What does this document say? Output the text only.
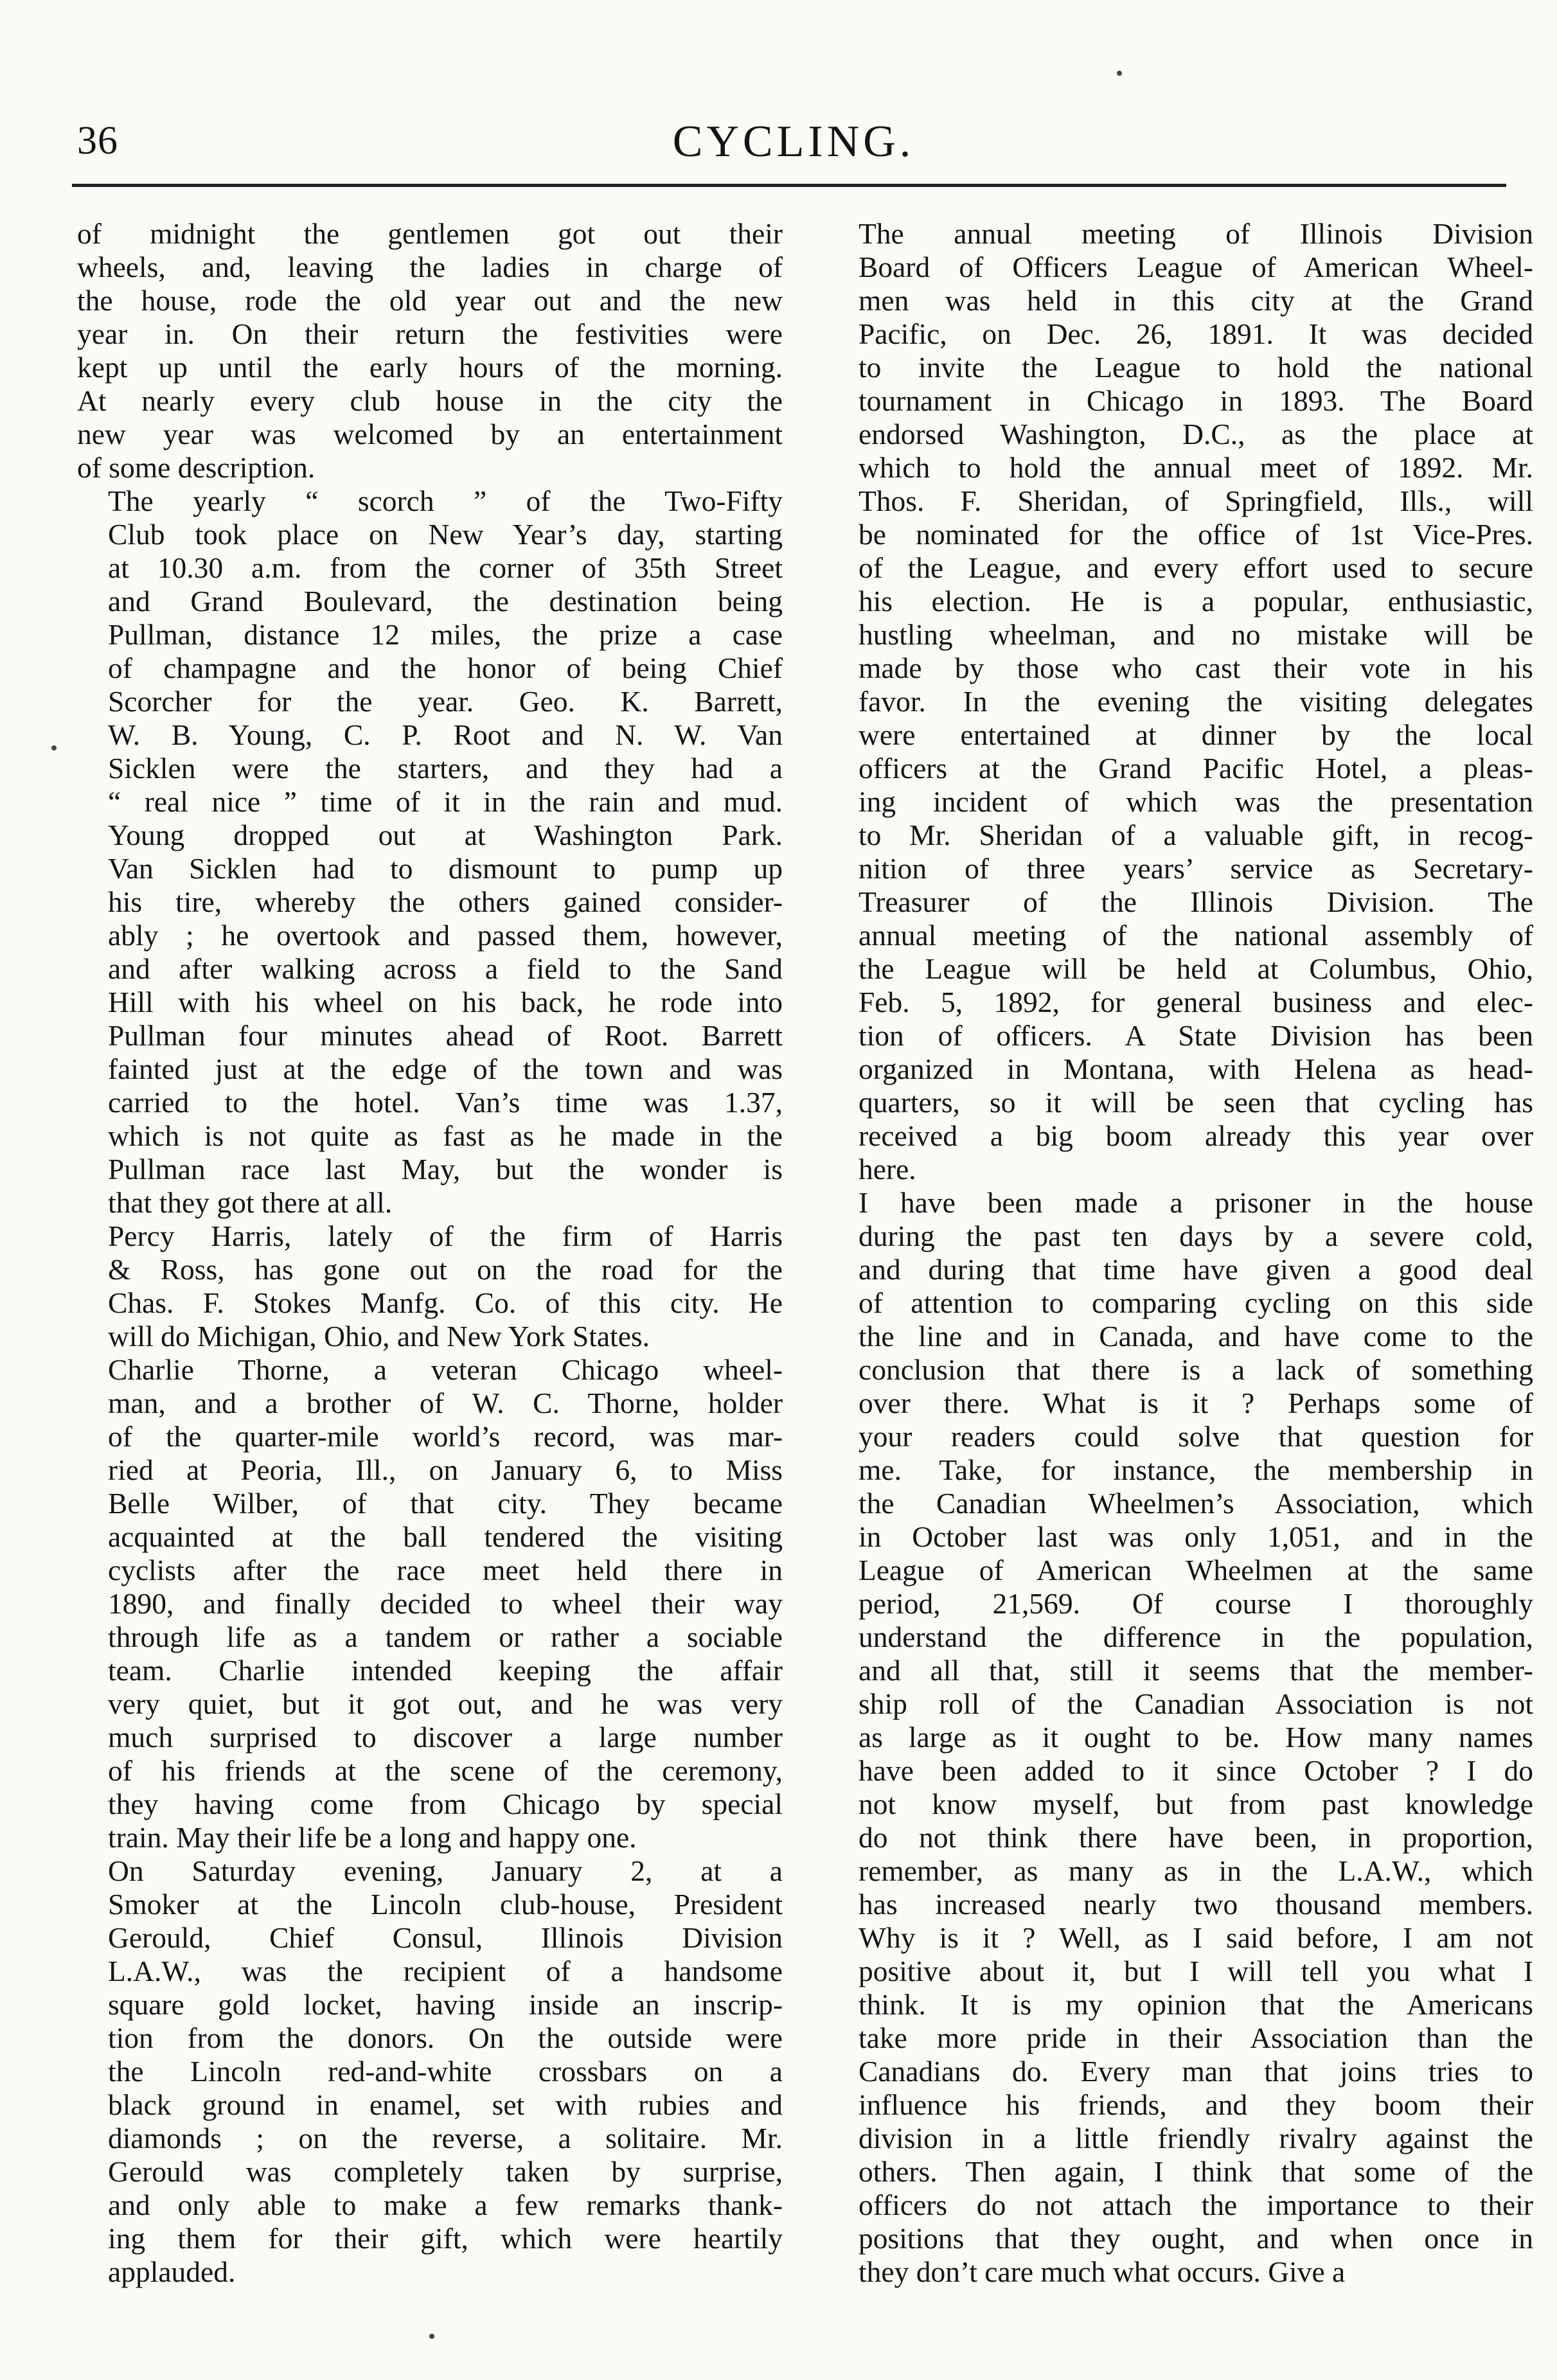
36	CYCLING.

of midnight the gentlemen got out their
wheels, and, leaving the ladies in charge of
the house, rode the old year out and the new
year in. On their return the festivities were
kept up until the early hours of the morning.
At nearly every club house in the city the
new year was welcomed by an entertainment
of some description.

The yearly “ scorch ” of the Two-Fifty
Club took place on New Year’s day, starting
at 10.30 a.m. from the corner of 35th Street
and Grand Boulevard, the destination being
Pullman, distance 12 miles, the prize a case
of champagne and the honor of being Chief
Scorcher for the year. Geo. K. Barrett,
W. B. Young, C. P. Root and N. W. Van
Sicklen were the starters, and they had a
“ real nice ” time of it in the rain and mud.
Young dropped out at Washington Park.
Van Sicklen had to dismount to pump up
his tire, whereby the others gained consider-
ably ; he overtook and passed them, however,
and after walking across a field to the Sand
Hill with his wheel on his back, he rode into
Pullman four minutes ahead of Root. Barrett
fainted just at the edge of the town and was
carried to the hotel. Van’s time was 1.37,
which is not quite as fast as he made in the
Pullman race last May, but the wonder is
that they got there at all.

Percy Harris, lately of the firm of Harris
& Ross, has gone out on the road for the
Chas. F. Stokes Manfg. Co. of this city. He
will do Michigan, Ohio, and New York States.

Charlie Thorne, a veteran Chicago wheel-
man, and a brother of W. C. Thorne, holder
of the quarter-mile world’s record, was mar-
ried at Peoria, Ill., on January 6, to Miss
Belle Wilber, of that city. They became
acquainted at the ball tendered the visiting
cyclists after the race meet held there in
1890, and finally decided to wheel their way
through life as a tandem or rather a sociable
team. Charlie intended keeping the affair
very quiet, but it got out, and he was very
much surprised to discover a large number
of his friends at the scene of the ceremony,
they having come from Chicago by special
train. May their life be a long and happy one.

On Saturday evening, January 2, at a
Smoker at the Lincoln club-house, President
Gerould, Chief Consul, Illinois Division
L.A.W., was the recipient of a handsome
square gold locket, having inside an inscrip-
tion from the donors. On the outside were
the Lincoln red-and-white crossbars on a
black ground in enamel, set with rubies and
diamonds ; on the reverse, a solitaire. Mr.
Gerould was completely taken by surprise,
and only able to make a few remarks thank-
ing them for their gift, which were heartily
applauded.

The annual meeting of Illinois Division
Board of Officers League of American Wheel-
men was held in this city at the Grand
Pacific, on Dec. 26, 1891. It was decided
to invite the League to hold the national
tournament in Chicago in 1893. The Board
endorsed Washington, D.C., as the place at
which to hold the annual meet of 1892. Mr.
Thos. F. Sheridan, of Springfield, Ills., will
be nominated for the office of 1st Vice-Pres.
of the League, and every effort used to secure
his election. He is a popular, enthusiastic,
hustling wheelman, and no mistake will be
made by those who cast their vote in his
favor. In the evening the visiting delegates
were entertained at dinner by the local
officers at the Grand Pacific Hotel, a pleas-
ing incident of which was the presentation
to Mr. Sheridan of a valuable gift, in recog-
nition of three years’ service as Secretary-
Treasurer of the Illinois Division. The
annual meeting of the national assembly of
the League will be held at Columbus, Ohio,
Feb. 5, 1892, for general business and elec-
tion of officers. A State Division has been
organized in Montana, with Helena as head-
quarters, so it will be seen that cycling has
received a big boom already this year over
here.

I have been made a prisoner in the house
during the past ten days by a severe cold,
and during that time have given a good deal
of attention to comparing cycling on this side
the line and in Canada, and have come to the
conclusion that there is a lack of something
over there. What is it ? Perhaps some of
your readers could solve that question for
me. Take, for instance, the membership in
the Canadian Wheelmen’s Association, which
in October last was only 1,051, and in the
League of American Wheelmen at the same
period, 21,569. Of course I thoroughly
understand the difference in the population,
and all that, still it seems that the member-
ship roll of the Canadian Association is not
as large as it ought to be. How many names
have been added to it since October ? I do
not know myself, but from past knowledge
do not think there have been, in proportion,
remember, as many as in the L.A.W., which
has increased nearly two thousand members.
Why is it ? Well, as I said before, I am not
positive about it, but I will tell you what I
think. It is my opinion that the Americans
take more pride in their Association than the
Canadians do. Every man that joins tries to
influence his friends, and they boom their
division in a little friendly rivalry against the
others. Then again, I think that some of the
officers do not attach the importance to their
positions that they ought, and when once in
they don’t care much what occurs. Give a
